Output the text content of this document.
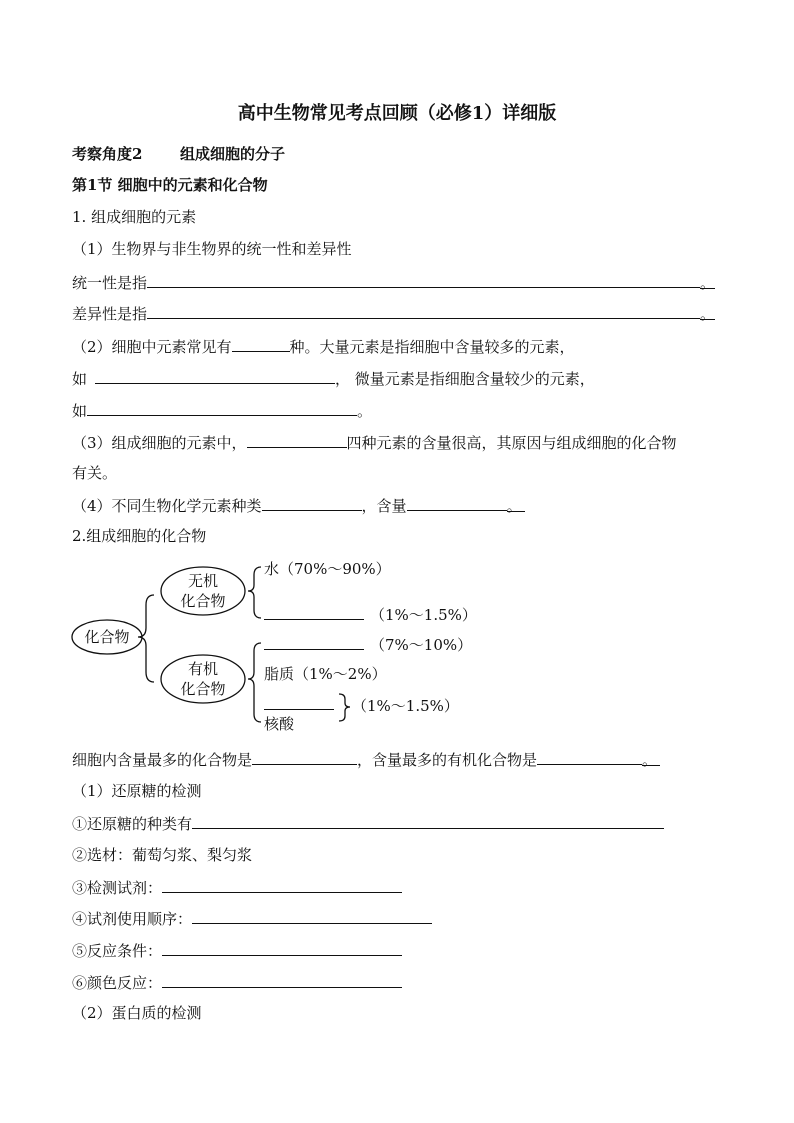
高中生物常见考点回顾（必修1）详细版
考察角度2	组成细胞的分子
第1节 细胞中的元素和化合物
1. 组成细胞的元素
（1）生物界与非生物界的统一性和差异性
统一性是指	。
差异性是指	。
（2）细胞中元素常见有	种。大量元素是指细胞中含量较多的元素，
如	， 微量元素是指细胞含量较少的元素，
如	。
（3）组成细胞的元素中，	四种元素的含量很高，其原因与组成细胞的化合物
有关。
（4）不同生物化学元素种类	，含量	。
2.组成细胞的化合物
化合物
无机
化合物
有机
化合物
水（70%～90%）
（1%～1.5%）
（7%～10%）
脂质（1%～2%）
（1%～1.5%）
核酸
细胞内含量最多的化合物是	，含量最多的有机化合物是	。
（1）还原糖的检测
①还原糖的种类有
②选材：葡萄匀浆、梨匀浆
③检测试剂：
④试剂使用顺序：
⑤反应条件：
⑥颜色反应：
（2）蛋白质的检测
